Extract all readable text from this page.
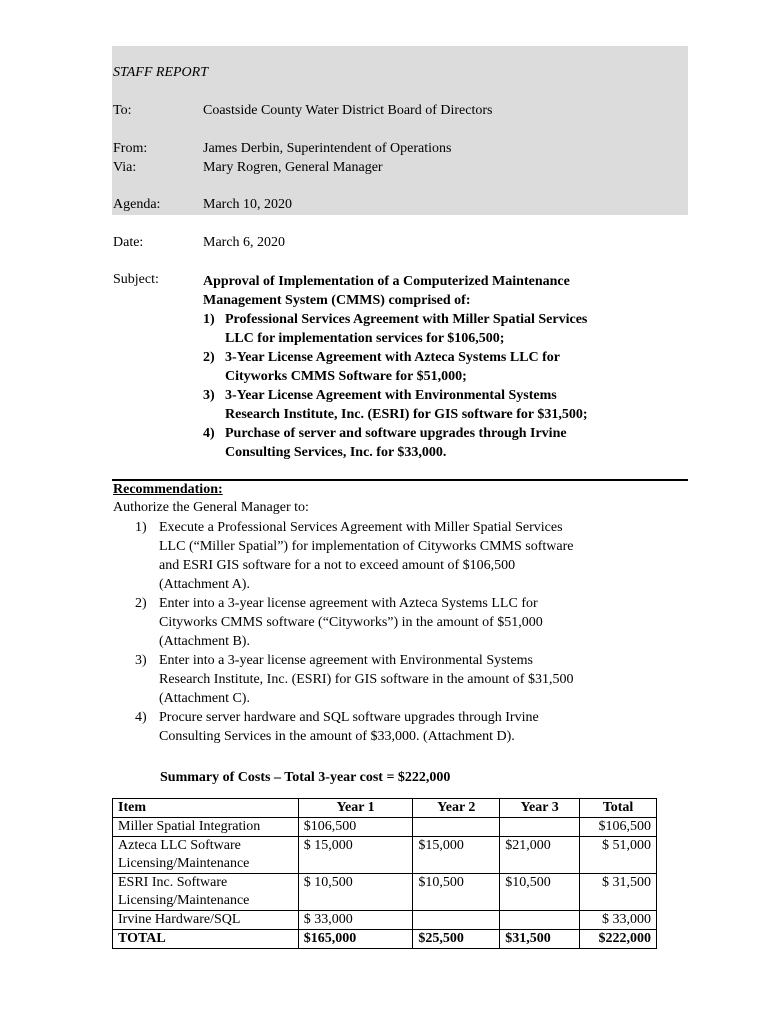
STAFF REPORT
To:	Coastside County Water District Board of Directors
From:	James Derbin, Superintendent of Operations
Via:	Mary Rogren, General Manager
Agenda:	March 10, 2020
Date:	March 6, 2020
Subject:	Approval of Implementation of a Computerized Maintenance
Management System (CMMS) comprised of:
1) Professional Services Agreement with Miller Spatial Services
LLC for implementation services for $106,500;
2) 3-Year License Agreement with Azteca Systems LLC for
Cityworks CMMS Software for $51,000;
3) 3-Year License Agreement with Environmental Systems
Research Institute, Inc. (ESRI) for GIS software for $31,500;
4) Purchase of server and software upgrades through Irvine
Consulting Services, Inc. for $33,000.
Recommendation:
Authorize the General Manager to:
1) Execute a Professional Services Agreement with Miller Spatial Services
LLC (“Miller Spatial”) for implementation of Cityworks CMMS software
and ESRI GIS software for a not to exceed amount of $106,500
(Attachment A).
2) Enter into a 3-year license agreement with Azteca Systems LLC for
Cityworks CMMS software (“Cityworks”) in the amount of $51,000
(Attachment B).
3) Enter into a 3-year license agreement with Environmental Systems
Research Institute, Inc. (ESRI) for GIS software in the amount of $31,500
(Attachment C).
4) Procure server hardware and SQL software upgrades through Irvine
Consulting Services in the amount of $33,000. (Attachment D).
Summary of Costs – Total 3-year cost = $222,000
Item	Year 1	Year 2	Year 3	Total
Miller Spatial Integration	$106,500			$106,500
Azteca LLC Software Licensing/Maintenance	$ 15,000	$15,000	$21,000	$ 51,000
ESRI Inc. Software Licensing/Maintenance	$ 10,500	$10,500	$10,500	$ 31,500
Irvine Hardware/SQL	$ 33,000			$ 33,000
TOTAL	$165,000	$25,500	$31,500	$222,000
